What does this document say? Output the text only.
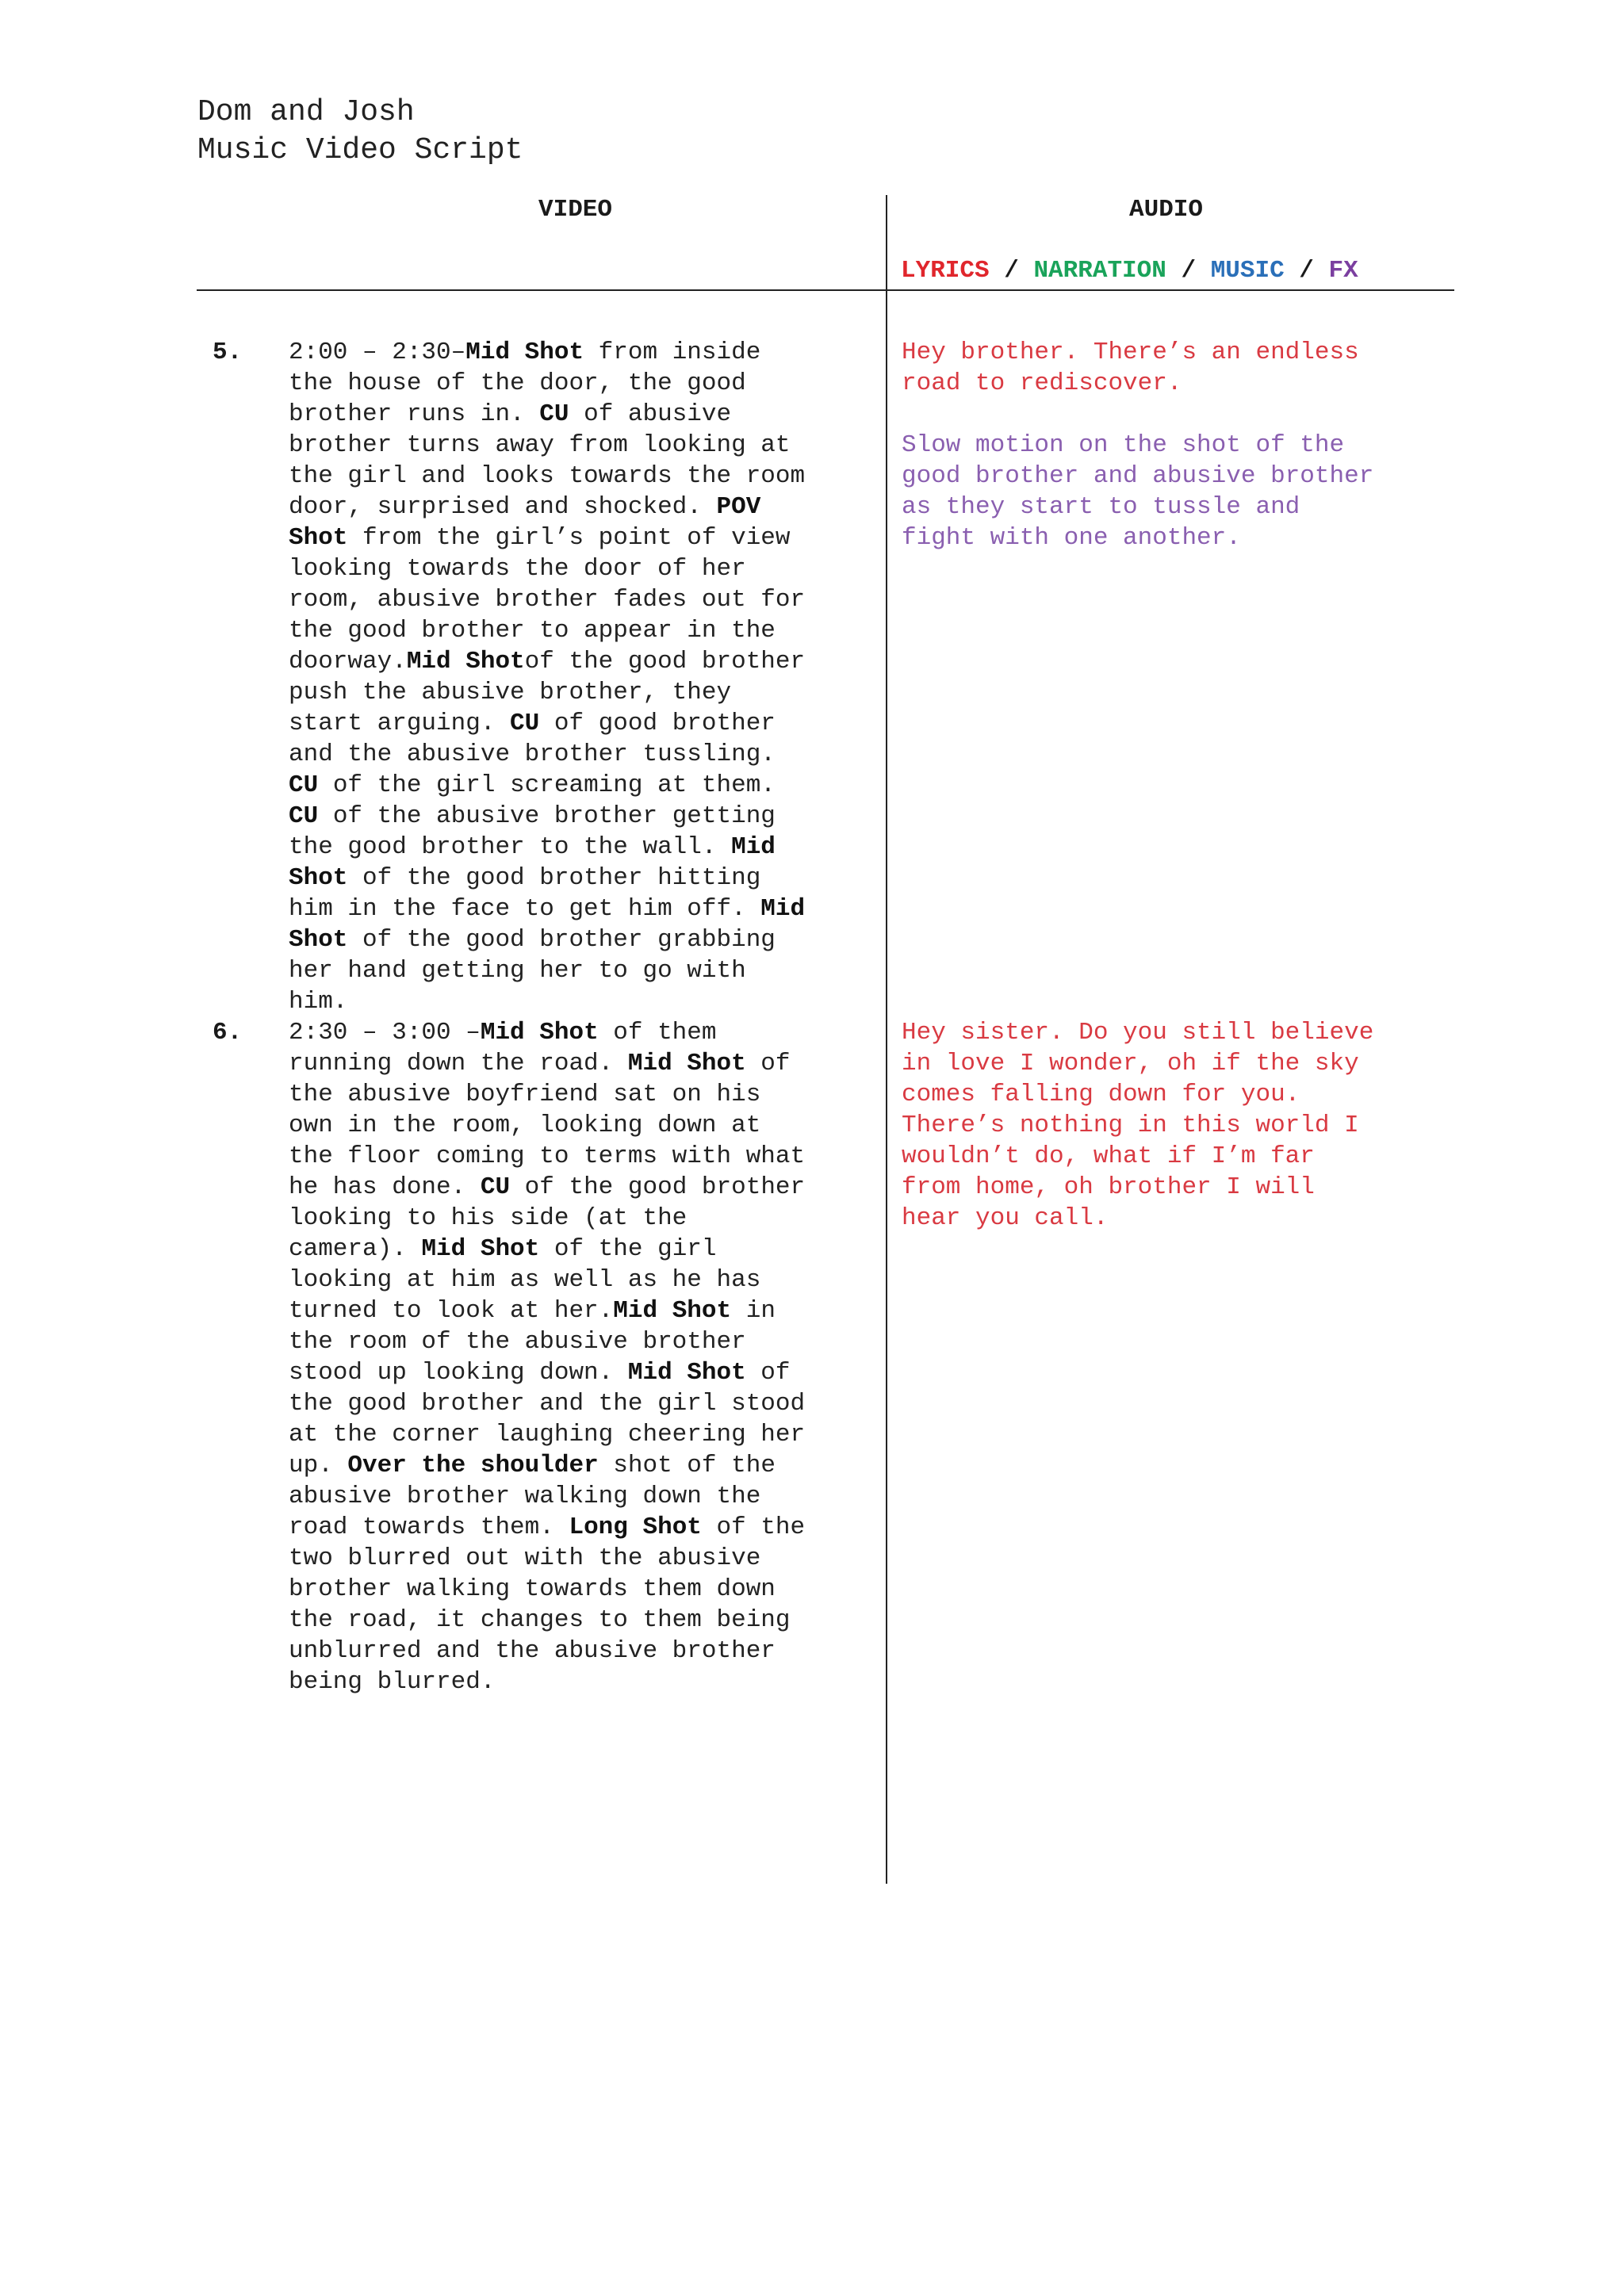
Dom and Josh
Music Video Script
VIDEO	AUDIO
LYRICS / NARRATION / MUSIC / FX
5. 2:00 – 2:30–Mid Shot from inside
the house of the door, the good
brother runs in. CU of abusive
brother turns away from looking at
the girl and looks towards the room
door, surprised and shocked. POV
Shot from the girl’s point of view
looking towards the door of her
room, abusive brother fades out for
the good brother to appear in the
doorway.Mid Shotof the good brother
push the abusive brother, they
start arguing. CU of good brother
and the abusive brother tussling.
CU of the girl screaming at them.
CU of the abusive brother getting
the good brother to the wall. Mid
Shot of the good brother hitting
him in the face to get him off. Mid
Shot of the good brother grabbing
her hand getting her to go with
him.
Hey brother. There’s an endless
road to rediscover.
Slow motion on the shot of the
good brother and abusive brother
as they start to tussle and
fight with one another.
6. 2:30 – 3:00 –Mid Shot of them
running down the road. Mid Shot of
the abusive boyfriend sat on his
own in the room, looking down at
the floor coming to terms with what
he has done. CU of the good brother
looking to his side (at the
camera). Mid Shot of the girl
looking at him as well as he has
turned to look at her.Mid Shot in
the room of the abusive brother
stood up looking down. Mid Shot of
the good brother and the girl stood
at the corner laughing cheering her
up. Over the shoulder shot of the
abusive brother walking down the
road towards them. Long Shot of the
two blurred out with the abusive
brother walking towards them down
the road, it changes to them being
unblurred and the abusive brother
being blurred.
Hey sister. Do you still believe
in love I wonder, oh if the sky
comes falling down for you.
There’s nothing in this world I
wouldn’t do, what if I’m far
from home, oh brother I will
hear you call.
